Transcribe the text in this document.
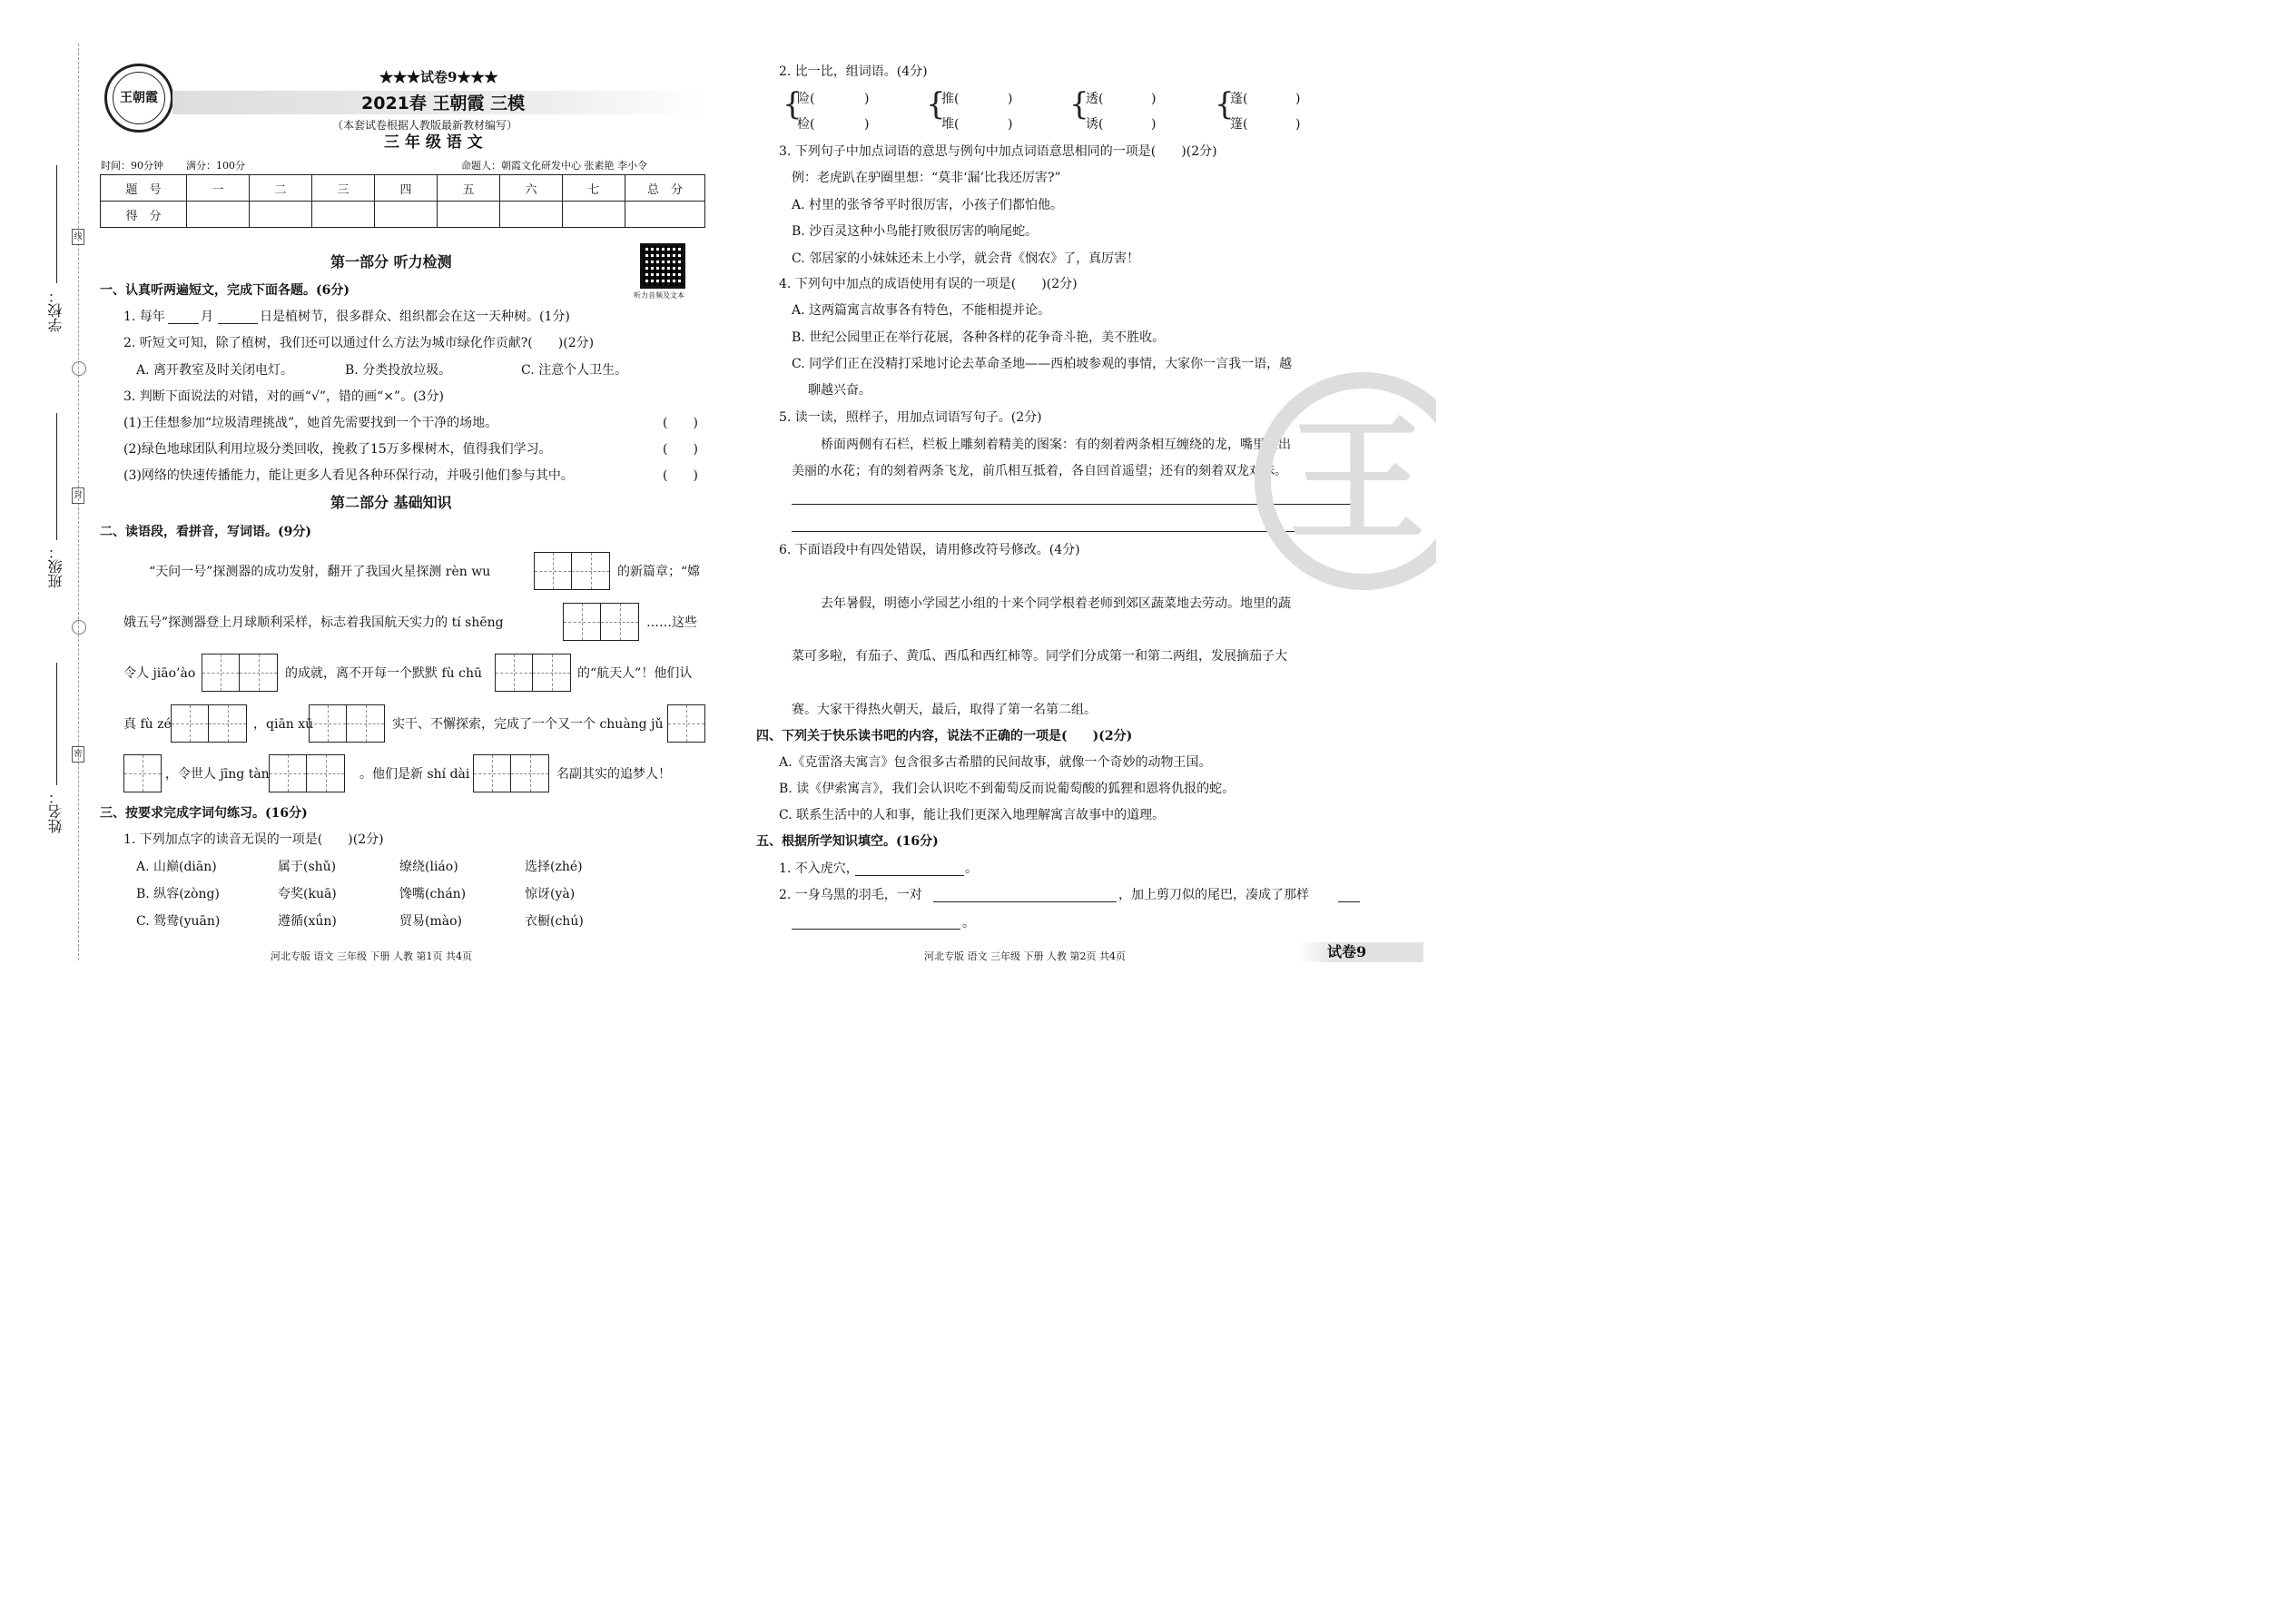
线
封
密
学校：
班级：
姓名：
王朝霞
★★★试卷9★★★
2021春 王朝霞 三模
（本套试卷根据人教版最新教材编写）
三 年 级 语 文
时间：90分钟 满分：100分	命题人：朝霞文化研发中心 张素艳 李小令
题　号	一	二	三	四	五	六	七	总　分
得　分								
听力音频及文本
第一部分 听力检测
一、认真听两遍短文，完成下面各题。(6分)
1. 每年	月	日是植树节，很多群众、组织都会在这一天种树。(1分)
2. 听短文可知，除了植树，我们还可以通过什么方法为城市绿化作贡献?(　　)(2分)
A. 离开教室及时关闭电灯。	B. 分类投放垃圾。	C. 注意个人卫生。
3. 判断下面说法的对错，对的画“√”，错的画“×”。(3分)
(1)王佳想参加“垃圾清理挑战”，她首先需要找到一个干净的场地。	(　　)
(2)绿色地球团队利用垃圾分类回收，挽救了15万多棵树木，值得我们学习。	(　　)
(3)网络的快速传播能力，能让更多人看见各种环保行动，并吸引他们参与其中。	(　　)
第二部分 基础知识
二、读语段，看拼音，写词语。(9分)
“天问一号”探测器的成功发射，翻开了我国火星探测 rèn wu	的新篇章；“嫦
娥五号”探测器登上月球顺利采样，标志着我国航天实力的 tí shēng	……这些
令人 jiāo’ào	的成就，离不开每一个默默 fù chū	的“航天人”！他们认
真 fù zé	，qiān xū	实干、不懈探索，完成了一个又一个 chuàng jǔ
，令世人 jīng tàn	。他们是新 shí dài	名副其实的追梦人！
三、按要求完成字词句练习。(16分)
1. 下列加点字的读音无误的一项是(　　)(2分)
A. 山巅(diān)	属于(shǔ)	缭绕(liáo)	选择(zhé)
B. 纵容(zòng)	夸奖(kuā)	馋嘴(chán)	惊讶(yà)
C. 鸳鸯(yuān)	遵循(xǘn)	贸易(mào)	衣橱(chú)
河北专版 语文 三年级 下册 人教 第1页 共4页
2. 比一比，组词语。(4分)
{
险(	)
检(	)
{
推(	)
堆(	)
{
透(	)
诱(	)
{
蓬(	)
篷(	)
3. 下列句子中加点词语的意思与例句中加点词语意思相同的一项是(　　)(2分)
例：老虎趴在驴圈里想：“莫非‘漏’比我还厉害?”
A. 村里的张爷爷平时很厉害，小孩子们都怕他。
B. 沙百灵这种小鸟能打败很厉害的响尾蛇。
C. 邻居家的小妹妹还未上小学，就会背《悯农》了，真厉害！
4. 下列句中加点的成语使用有误的一项是(　　)(2分)
A. 这两篇寓言故事各有特色，不能相提并论。
B. 世纪公园里正在举行花展，各种各样的花争奇斗艳，美不胜收。
C. 同学们正在没精打采地讨论去革命圣地——西柏坡参观的事情，大家你一言我一语，越
聊越兴奋。
5. 读一读，照样子，用加点词语写句子。(2分)
桥面两侧有石栏，栏板上雕刻着精美的图案：有的刻着两条相互缠绕的龙，嘴里吐出
美丽的水花；有的刻着两条飞龙，前爪相互抵着，各自回首遥望；还有的刻着双龙戏珠。
6. 下面语段中有四处错误，请用修改符号修改。(4分)
去年暑假，明德小学园艺小组的十来个同学根着老师到郊区蔬菜地去劳动。地里的蔬
菜可多啦，有茄子、黄瓜、西瓜和西红柿等。同学们分成第一和第二两组，发展摘茄子大
赛。大家干得热火朝天，最后，取得了第一名第二组。
四、下列关于快乐读书吧的内容，说法不正确的一项是(　　)(2分)
A.《克雷洛夫寓言》包含很多古希腊的民间故事，就像一个奇妙的动物王国。
B. 读《伊索寓言》，我们会认识吃不到葡萄反而说葡萄酸的狐狸和恩将仇报的蛇。
C. 联系生活中的人和事，能让我们更深入地理解寓言故事中的道理。
五、根据所学知识填空。(16分)
1. 不入虎穴，	。
2. 一身乌黑的羽毛，一对	，加上剪刀似的尾巴，凑成了那样
。
河北专版 语文 三年级 下册 人教 第2页 共4页	试卷9
王
